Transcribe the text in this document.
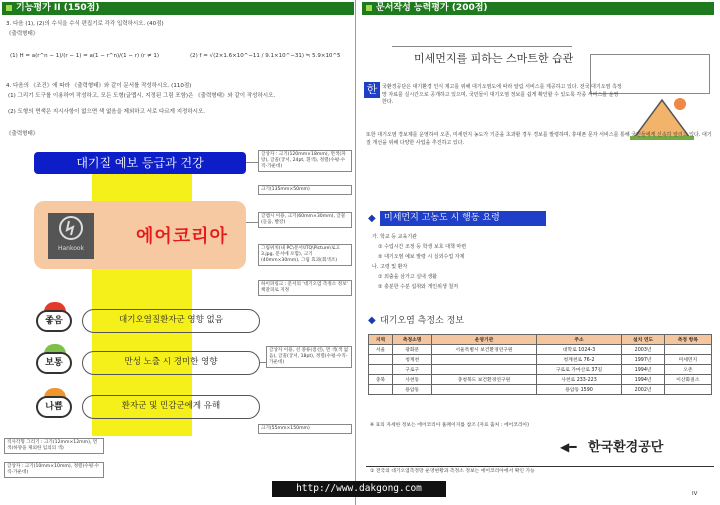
기능평가 II (150점)
3. 다음 (1), (2)의 수식을 수식 편집기로 각각 입력하시오. (40점)
《출력형태》
(1) H = a(r^n − 1)/(r − 1) = a(1 − r^n)/(1 − r) (r ≠ 1)	(2) f = √(2×1.6×10^−11 / 9.1×10^−31) ≒ 5.9×10^5
4. 다음의 《조건》에 따라 《출력형태》와 같이 문서를 작성하시오. (110점)
(1) 그리기 도구를 이용하여 작성하고, 모든 도형(글맵시, 지정된 그림 포함)은 《출력형태》와 같이 작성하시오.
(2) 도형의 면색은 지시사항이 없으면 색 없음을 제외하고 서로 다르게 지정하시오.
《출력형태》
대기질 예보 등급과 건강
Hankook
에어코리아
좋음	대기오염질환자군 영향 없음
보통	만성 노출 시 경미한 영향
나쁨	환자군 및 민감군에게 유해
글상자 : 크기(120mm×18mm), 면색(파랑), 글꼴(궁서, 24pt, 흰색), 정렬(수평·수직-가운데)
크기(135mm×50mm)
글맵시 이용, 크기(60mm×30mm), 글꼴(돋움, 빨강)
그림위치(내 PC\문서\ITQ\Picture\로고3.jpg, 문서에 포함), 크기(40mm×30mm), 그림 효과(회색조)
하이퍼링크 : 문서의 '대기오염 측정소 정보' 책갈피로 지정
글상자 이용, 선 종류(점선), 면 색(색 없음), 글꼴(궁서, 18pt), 정렬(수평·수직-가운데)
크기(55mm×150mm)
직사각형 그리기 : 크기(12mm×12mm), 면색(하양을 제외한 임의의 색)
글상자 : 크기(10mm×10mm), 정렬(수평·수직-가운데)
문서작성 능력평가 (200점)
미세먼지를 피하는 스마트한 습관
한 국환경공단은 대기환경 인식 제고를 위해 대기오염도에 따라 알림 서비스를 제공하고 있다. 전국 대기오염 측정망 자료를 실시간으로 공개하고 있으며, 국민들이 대기오염 정보를 쉽게 확인할 수 있도록 각종 서비스를 운영한다.
또한 대기오염 경보제를 운영하여 오존, 미세먼지 농도가 기준을 초과할 경우 경보를 발령하며, 휴대폰 문자 서비스를 통해 국민들에게 신속히 알리고 있다. 대기질 개선을 위해 다양한 사업을 추진하고 있다.
◆ 미세먼지 고농도 시 행동 요령
가. 학교 등 교육기관
① 수업시간 조정 등 학생 보호 대책 마련
② 대기오염 예보 발령 시 실외수업 자제
나. 고령 및 환자
① 외출을 삼가고 실내 생활
② 충분한 수분 섭취와 개인위생 철저
◆ 대기오염 측정소 정보
지역	측정소명	운영기관	주소	설치 연도	측정 항목
서울	광화문	서울특별시 보건환경연구원	대학로 1024-3	2003년	
	청계천		청계천로 76-2	1997년	미세먼지
	구로구		구로로 가마산로 37길	1994년	오존
충북	사천동	충청북도 보건환경연구원	사천로 233-223	1994년	이산화질소
	용암동		용암동 1590	2002년	
※ 표의 자세한 정보는 에어코리아 홈페이지를 참조 (자료 출처 : 에어코리아)
한국환경공단
◀━
① 전국의 대기오염측정망 운영현황과 측정소 정보는 에어코리아에서 확인 가능
IV
http://www.dakgong.com
